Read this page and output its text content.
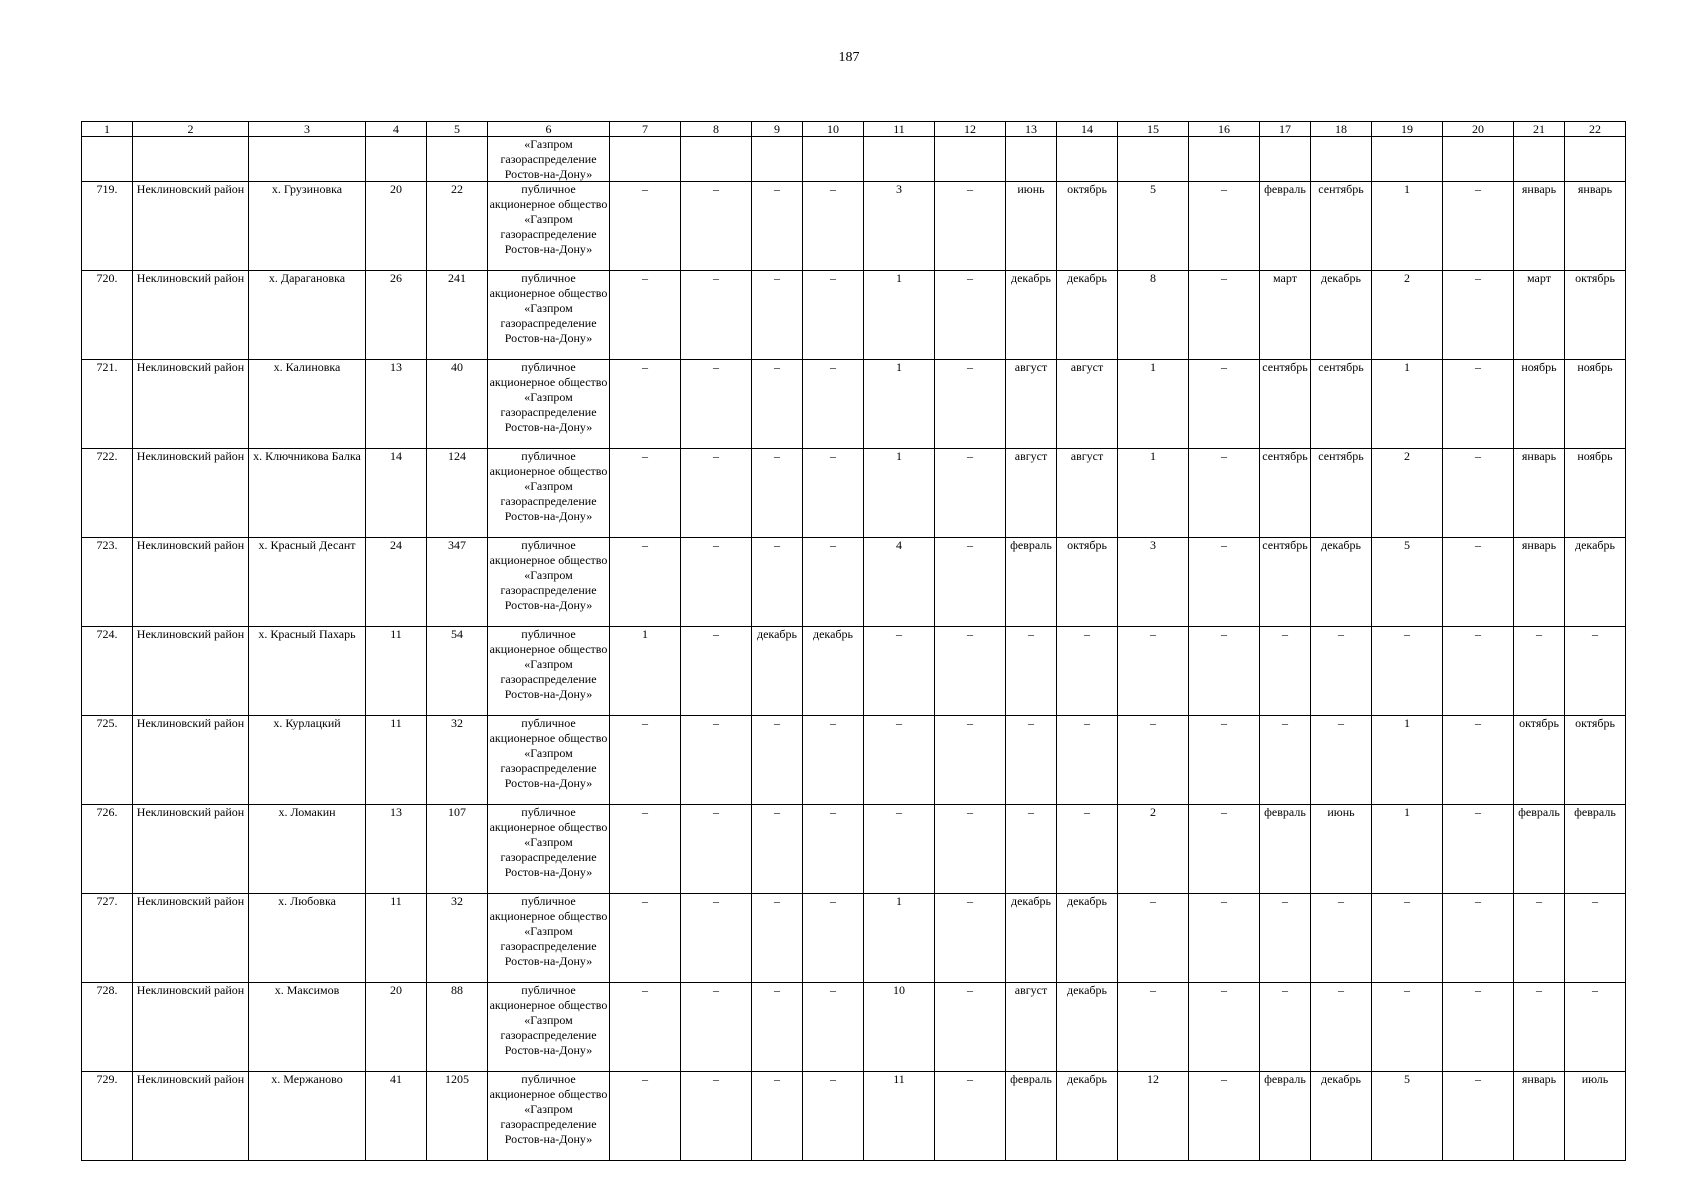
187
1	2	3	4	5	6	7	8	9	10	11	12	13	14	15	16	17	18	19	20	21	22
					«Газпром газораспределение Ростов-на-Дону»																
719.	Неклиновский район	х. Грузиновка	20	22	публичное акционерное общество «Газпром газораспределение Ростов-на-Дону»	–	–	–	–	3	–	июнь	октябрь	5	–	февраль	сентябрь	1	–	январь	январь
720.	Неклиновский район	х. Дарагановка	26	241	публичное акционерное общество «Газпром газораспределение Ростов-на-Дону»	–	–	–	–	1	–	декабрь	декабрь	8	–	март	декабрь	2	–	март	октябрь
721.	Неклиновский район	х. Калиновка	13	40	публичное акционерное общество «Газпром газораспределение Ростов-на-Дону»	–	–	–	–	1	–	август	август	1	–	сентябрь	сентябрь	1	–	ноябрь	ноябрь
722.	Неклиновский район	х. Ключникова Балка	14	124	публичное акционерное общество «Газпром газораспределение Ростов-на-Дону»	–	–	–	–	1	–	август	август	1	–	сентябрь	сентябрь	2	–	январь	ноябрь
723.	Неклиновский район	х. Красный Десант	24	347	публичное акционерное общество «Газпром газораспределение Ростов-на-Дону»	–	–	–	–	4	–	февраль	октябрь	3	–	сентябрь	декабрь	5	–	январь	декабрь
724.	Неклиновский район	х. Красный Пахарь	11	54	публичное акционерное общество «Газпром газораспределение Ростов-на-Дону»	1	–	декабрь	декабрь	–	–	–	–	–	–	–	–	–	–	–	–
725.	Неклиновский район	х. Курлацкий	11	32	публичное акционерное общество «Газпром газораспределение Ростов-на-Дону»	–	–	–	–	–	–	–	–	–	–	–	–	1	–	октябрь	октябрь
726.	Неклиновский район	х. Ломакин	13	107	публичное акционерное общество «Газпром газораспределение Ростов-на-Дону»	–	–	–	–	–	–	–	–	2	–	февраль	июнь	1	–	февраль	февраль
727.	Неклиновский район	х. Любовка	11	32	публичное акционерное общество «Газпром газораспределение Ростов-на-Дону»	–	–	–	–	1	–	декабрь	декабрь	–	–	–	–	–	–	–	–
728.	Неклиновский район	х. Максимов	20	88	публичное акционерное общество «Газпром газораспределение Ростов-на-Дону»	–	–	–	–	10	–	август	декабрь	–	–	–	–	–	–	–	–
729.	Неклиновский район	х. Мержаново	41	1205	публичное акционерное общество «Газпром газораспределение Ростов-на-Дону»	–	–	–	–	11	–	февраль	декабрь	12	–	февраль	декабрь	5	–	январь	июль
